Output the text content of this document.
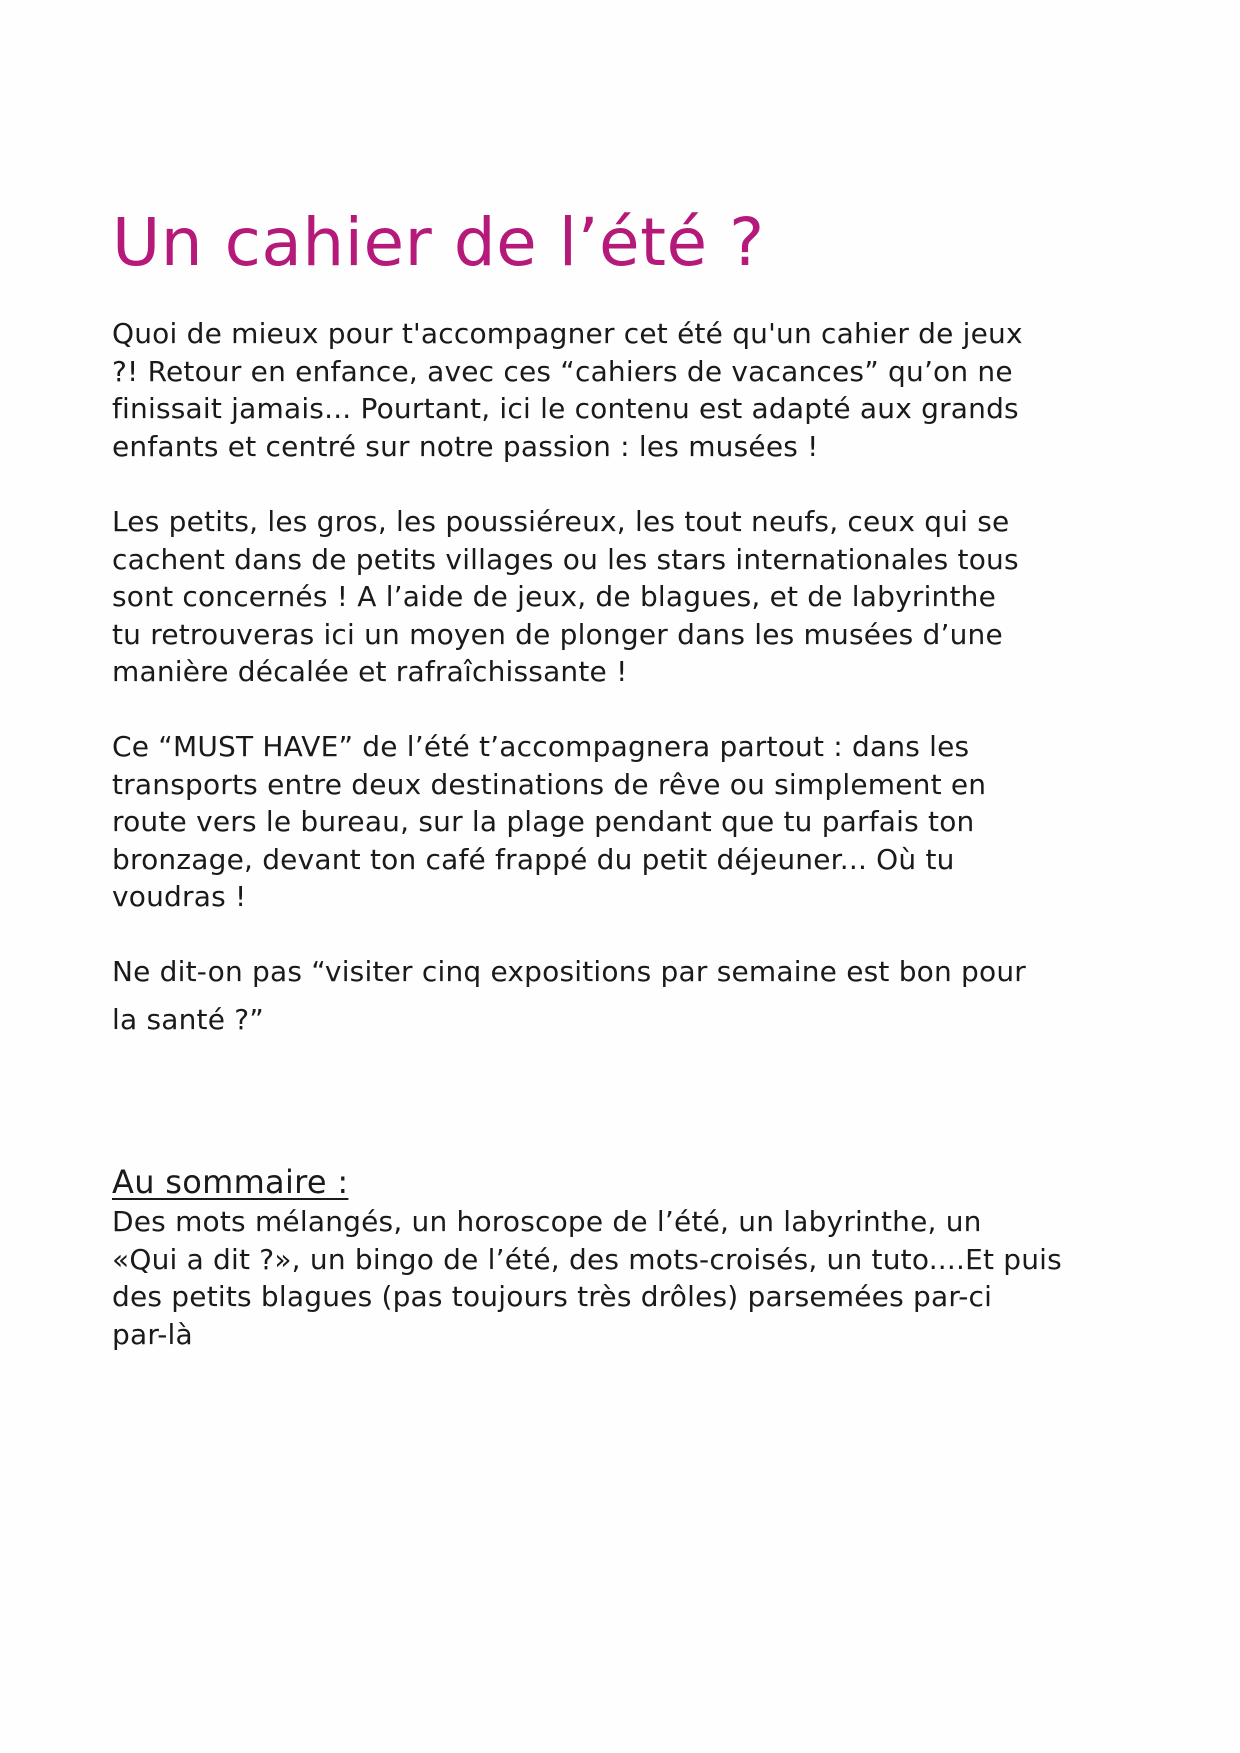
Un cahier de l’été ?

Quoi de mieux pour t'accompagner cet été qu'un cahier de jeux
?! Retour en enfance, avec ces “cahiers de vacances” qu’on ne
finissait jamais... Pourtant, ici le contenu est adapté aux grands
enfants et centré sur notre passion : les musées !

Les petits, les gros, les poussiéreux, les tout neufs, ceux qui se
cachent dans de petits villages ou les stars internationales tous
sont concernés ! A l’aide de jeux, de blagues, et de labyrinthe
tu retrouveras ici un moyen de plonger dans les musées d’une
manière décalée et rafraîchissante !

Ce “MUST HAVE” de l’été t’accompagnera partout : dans les
transports entre deux destinations de rêve ou simplement en
route vers le bureau, sur la plage pendant que tu parfais ton
bronzage, devant ton café frappé du petit déjeuner... Où tu
voudras !

Ne dit-on pas “visiter cinq expositions par semaine est bon pour
la santé ?”

Au sommaire :

Des mots mélangés, un horoscope de l’été, un labyrinthe, un
«Qui a dit ?», un bingo de l’été, des mots-croisés, un tuto....Et puis
des petits blagues (pas toujours très drôles) parsemées par-ci
par-là
